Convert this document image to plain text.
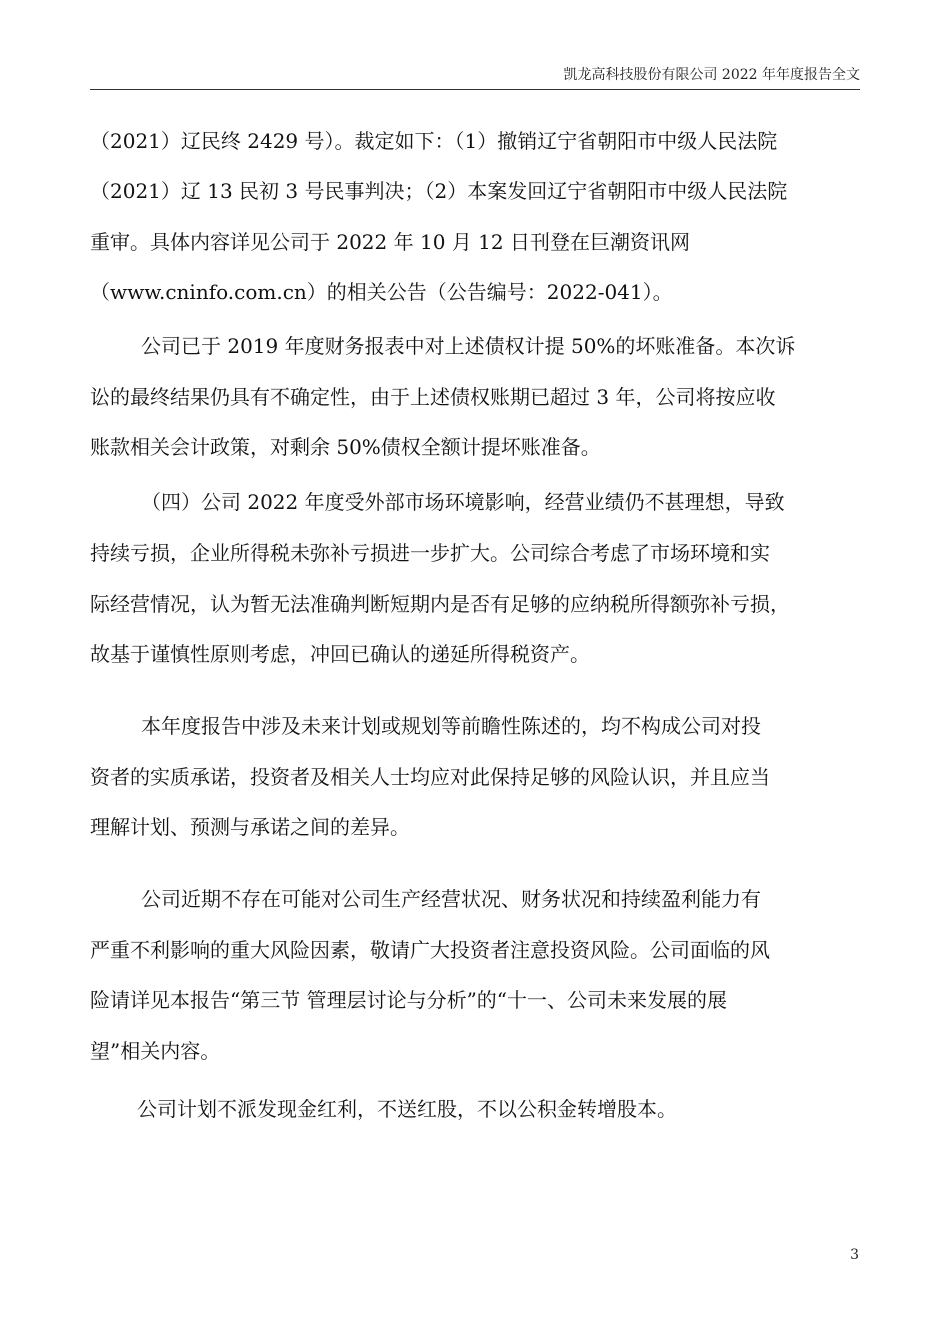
凯龙高科技股份有限公司 2022 年年度报告全文
（2021）辽民终 2429 号）。裁定如下：（1）撤销辽宁省朝阳市中级人民法院
（2021）辽 13 民初 3 号民事判决；（2）本案发回辽宁省朝阳市中级人民法院
重审。具体内容详见公司于 2022 年 10 月 12 日刊登在巨潮资讯网
（www.cninfo.com.cn）的相关公告（公告编号：2022-041）。
公司已于 2019 年度财务报表中对上述债权计提 50%的坏账准备。本次诉
讼的最终结果仍具有不确定性，由于上述债权账期已超过 3 年，公司将按应收
账款相关会计政策，对剩余 50%债权全额计提坏账准备。
（四）公司 2022 年度受外部市场环境影响，经营业绩仍不甚理想，导致
持续亏损，企业所得税未弥补亏损进一步扩大。公司综合考虑了市场环境和实
际经营情况，认为暂无法准确判断短期内是否有足够的应纳税所得额弥补亏损，
故基于谨慎性原则考虑，冲回已确认的递延所得税资产。
本年度报告中涉及未来计划或规划等前瞻性陈述的，均不构成公司对投
资者的实质承诺，投资者及相关人士均应对此保持足够的风险认识，并且应当
理解计划、预测与承诺之间的差异。
公司近期不存在可能对公司生产经营状况、财务状况和持续盈利能力有
严重不利影响的重大风险因素，敬请广大投资者注意投资风险。公司面临的风
险请详见本报告“第三节 管理层讨论与分析”的“十一、公司未来发展的展
望”相关内容。
公司计划不派发现金红利，不送红股，不以公积金转增股本。
3
